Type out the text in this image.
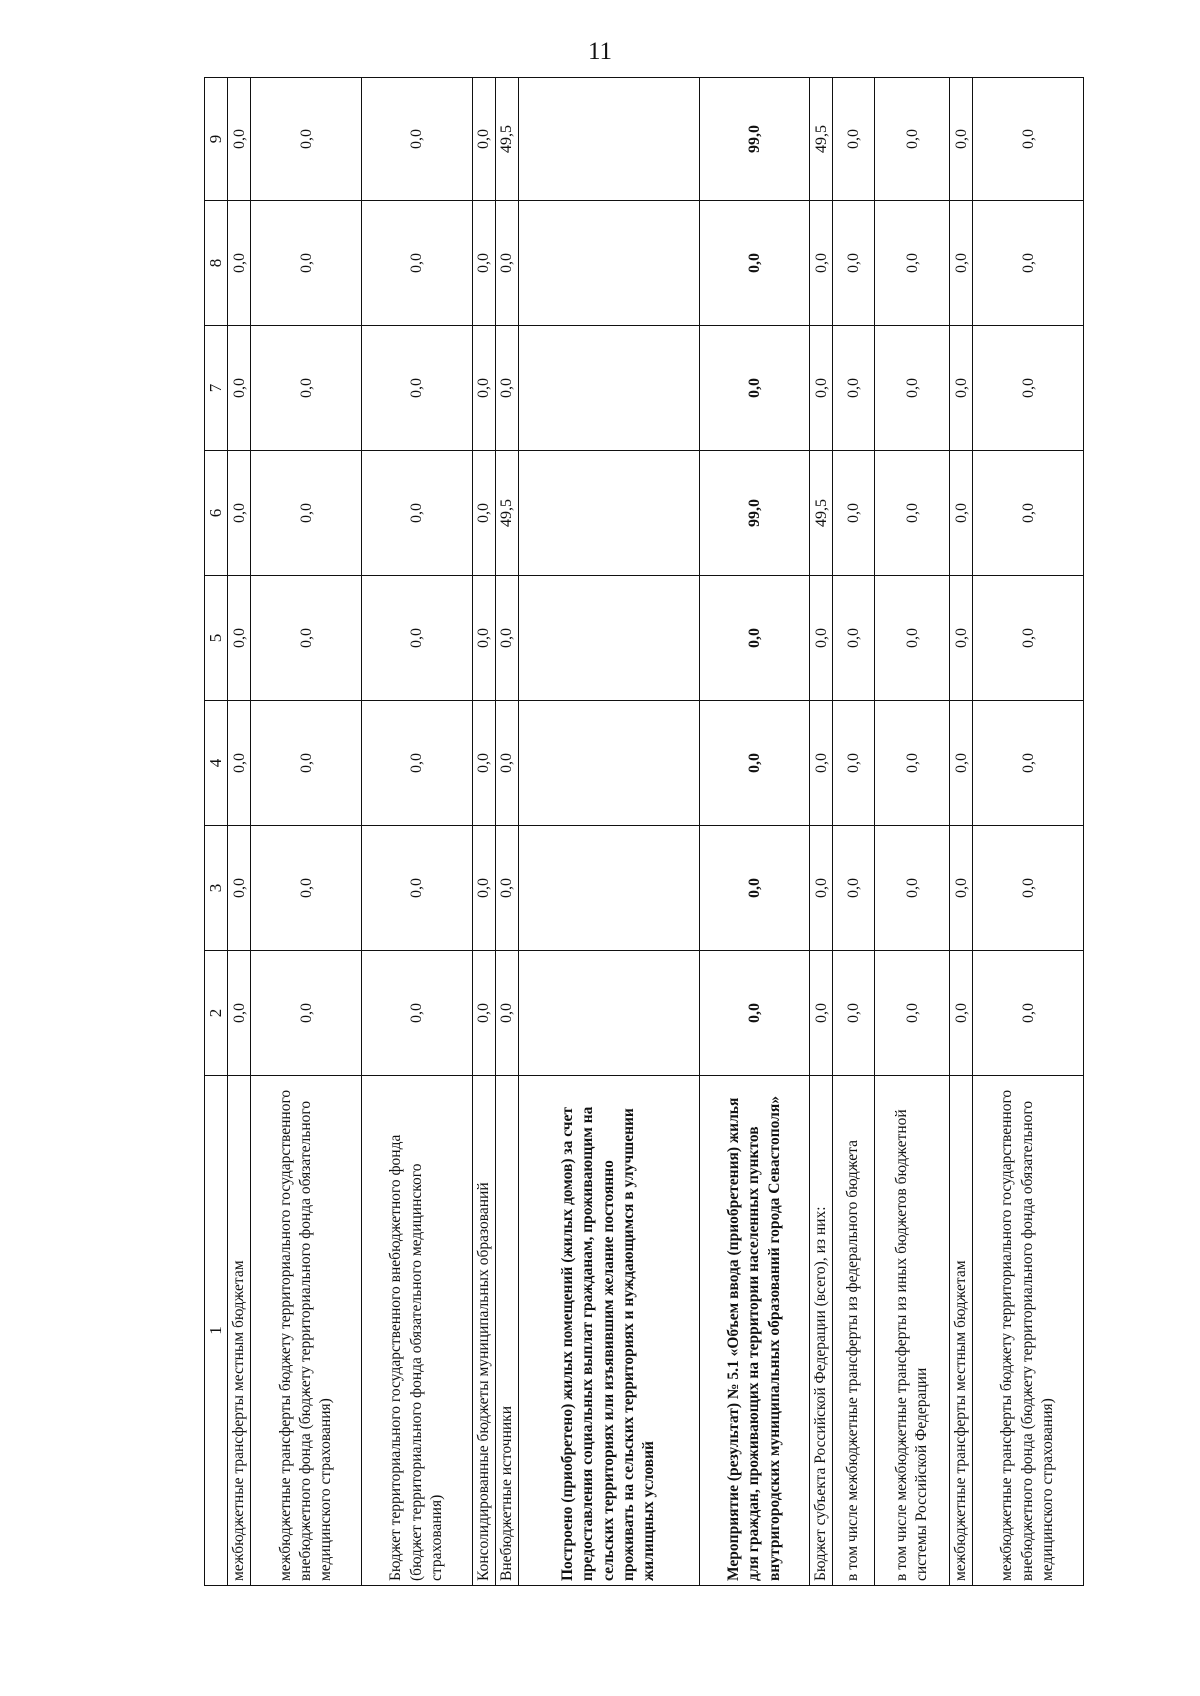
11
1	2	3	4	5	6	7	8	9
межбюджетные трансферты местным бюджетам	0,0	0,0	0,0	0,0	0,0	0,0	0,0	0,0
межбюджетные трансферты бюджету территориального государственного внебюджетного фонда (бюджету территориального фонда обязательного медицинского страхования)	0,0	0,0	0,0	0,0	0,0	0,0	0,0	0,0
Бюджет территориального государственного внебюджетного фонда (бюджет территориального фонда обязательного медицинского страхования)	0,0	0,0	0,0	0,0	0,0	0,0	0,0	0,0
Консолидированные бюджеты муниципальных образований	0,0	0,0	0,0	0,0	0,0	0,0	0,0	0,0
Внебюджетные источники	0,0	0,0	0,0	0,0	49,5	0,0	0,0	49,5
Построено (приобретено) жилых помещений (жилых домов) за счет предоставления социальных выплат гражданам, проживающим на сельских территориях или изъявившим желание постоянно проживать на сельских территориях и нуждающимся в улучшении жилищных условий								
Мероприятие (результат) № 5.1 «Объем ввода (приобретения) жилья для граждан, проживающих на территории населенных пунктов внутригородских муниципальных образований города Севастополя»	0,0	0,0	0,0	0,0	99,0	0,0	0,0	99,0
Бюджет субъекта Российской Федерации (всего), из них:	0,0	0,0	0,0	0,0	49,5	0,0	0,0	49,5
в том числе межбюджетные трансферты из федерального бюджета	0,0	0,0	0,0	0,0	0,0	0,0	0,0	0,0
в том числе межбюджетные трансферты из иных бюджетов бюджетной системы Российской Федерации	0,0	0,0	0,0	0,0	0,0	0,0	0,0	0,0
межбюджетные трансферты местным бюджетам	0,0	0,0	0,0	0,0	0,0	0,0	0,0	0,0
межбюджетные трансферты бюджету территориального государственного внебюджетного фонда (бюджету территориального фонда обязательного медицинского страхования)	0,0	0,0	0,0	0,0	0,0	0,0	0,0	0,0
